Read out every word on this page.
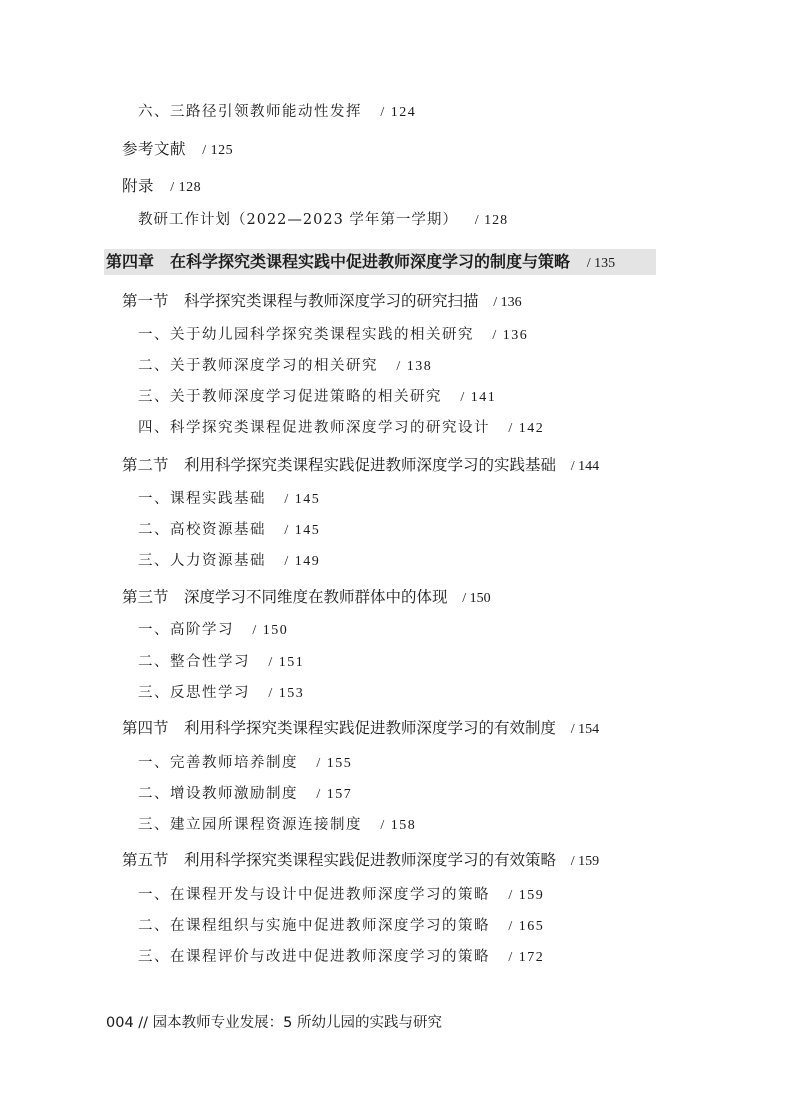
六、三路径引领教师能动性发挥 / 124
参考文献 / 125
附录 / 128
教研工作计划（2022—2023 学年第一学期） / 128
第四章　在科学探究类课程实践中促进教师深度学习的制度与策略 / 135
第一节　科学探究类课程与教师深度学习的研究扫描 / 136
一、关于幼儿园科学探究类课程实践的相关研究 / 136
二、关于教师深度学习的相关研究 / 138
三、关于教师深度学习促进策略的相关研究 / 141
四、科学探究类课程促进教师深度学习的研究设计 / 142
第二节　利用科学探究类课程实践促进教师深度学习的实践基础 / 144
一、课程实践基础 / 145
二、高校资源基础 / 145
三、人力资源基础 / 149
第三节　深度学习不同维度在教师群体中的体现 / 150
一、高阶学习 / 150
二、整合性学习 / 151
三、反思性学习 / 153
第四节　利用科学探究类课程实践促进教师深度学习的有效制度 / 154
一、完善教师培养制度 / 155
二、增设教师激励制度 / 157
三、建立园所课程资源连接制度 / 158
第五节　利用科学探究类课程实践促进教师深度学习的有效策略 / 159
一、在课程开发与设计中促进教师深度学习的策略 / 159
二、在课程组织与实施中促进教师深度学习的策略 / 165
三、在课程评价与改进中促进教师深度学习的策略 / 172
004 // 园本教师专业发展：5 所幼儿园的实践与研究
